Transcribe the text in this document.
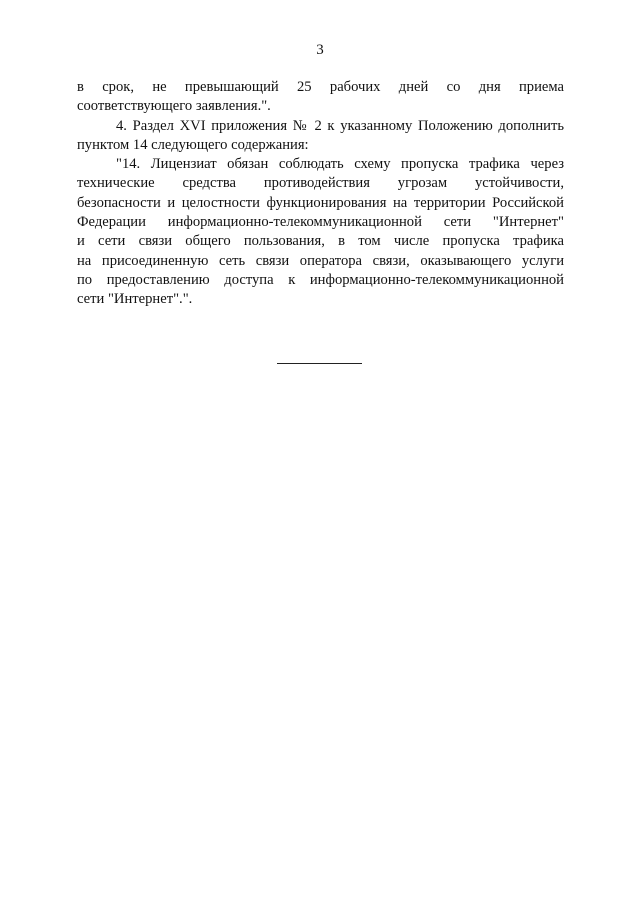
3
в срок, не превышающий 25 рабочих дней со дня приема
соответствующего заявления.".
4. Раздел XVI приложения № 2 к указанному Положению дополнить
пунктом 14 следующего содержания:
"14. Лицензиат обязан соблюдать схему пропуска трафика через
технические средства противодействия угрозам устойчивости,
безопасности и целостности функционирования на территории Российской
Федерации информационно-телекоммуникационной сети "Интернет"
и сети связи общего пользования, в том числе пропуска трафика
на присоединенную сеть связи оператора связи, оказывающего услуги
по предоставлению доступа к информационно-телекоммуникационной
сети "Интернет".".
